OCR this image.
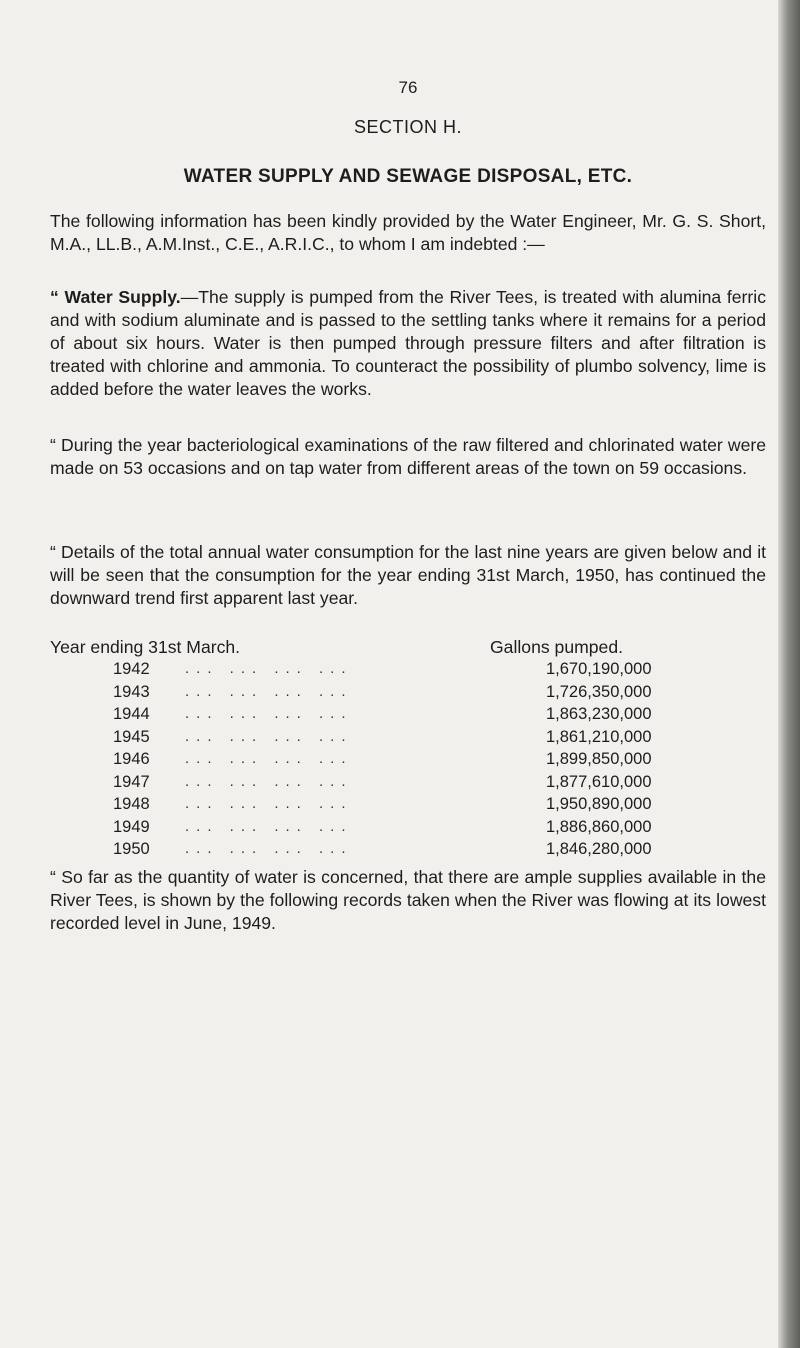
76
SECTION H.
WATER SUPPLY AND SEWAGE DISPOSAL, ETC.

The following information has been kindly provided by the Water Engineer, Mr. G. S. Short, M.A., LL.B., A.M.Inst., C.E., A.R.I.C., to whom I am indebted :—

“ Water Supply.—The supply is pumped from the River Tees, is treated with alumina ferric and with sodium aluminate and is passed to the settling tanks where it remains for a period of about six hours. Water is then pumped through pressure filters and after filtration is treated with chlorine and ammonia. To counteract the possibility of plumbo solvency, lime is added before the water leaves the works.

“ During the year bacteriological examinations of the raw filtered and chlorinated water were made on 53 occasions and on tap water from different areas of the town on 59 occasions.

“ Details of the total annual water consumption for the last nine years are given below and it will be seen that the consumption for the year ending 31st March, 1950, has continued the downward trend first apparent last year.

Year ending 31st March.	Gallons pumped.
1942 ... ... ... ...	1,670,190,000
1943 ... ... ... ...	1,726,350,000
1944 ... ... ... ...	1,863,230,000
1945 ... ... ... ...	1,861,210,000
1946 ... ... ... ...	1,899,850,000
1947 ... ... ... ...	1,877,610,000
1948 ... ... ... ...	1,950,890,000
1949 ... ... ... ...	1,886,860,000
1950 ... ... ... ...	1,846,280,000

“ So far as the quantity of water is concerned, that there are ample supplies available in the River Tees, is shown by the following records taken when the River was flowing at its lowest recorded level in June, 1949.
